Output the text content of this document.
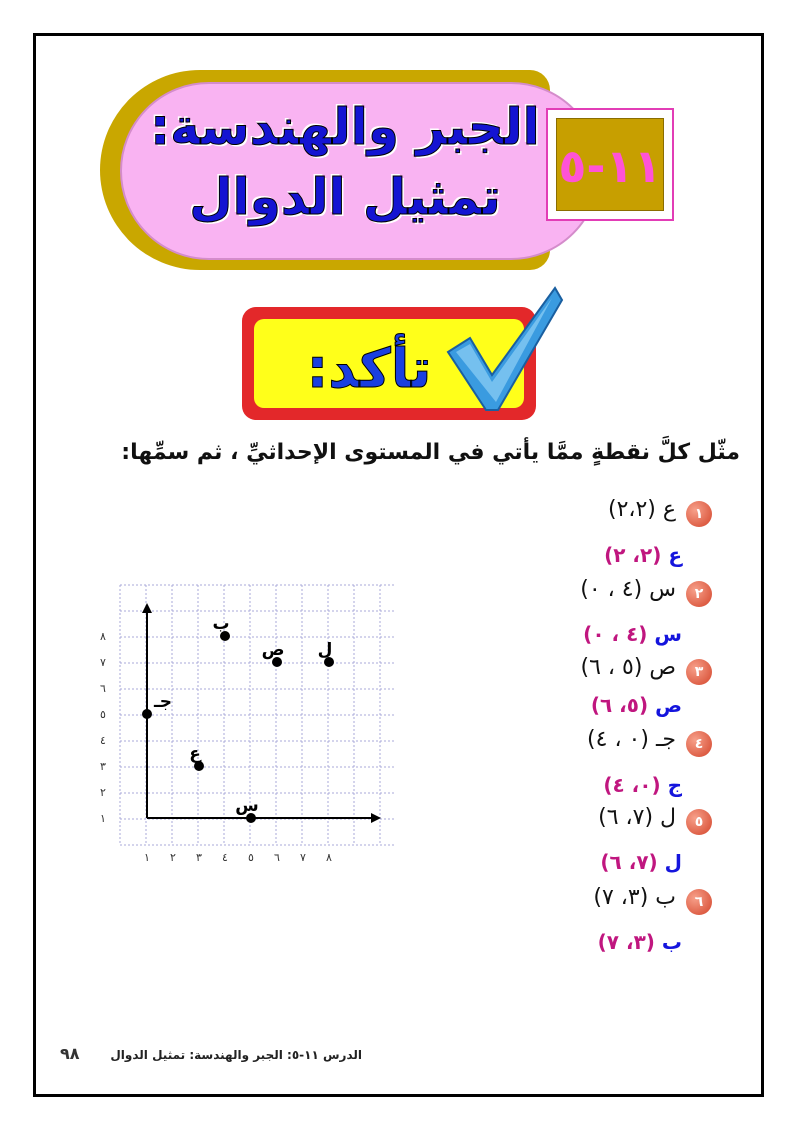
الجبر والهندسة:
تمثيل الدوال
١١-٥
تأكد:
مثّل كلَّ نقطةٍ ممَّا يأتي في المستوى الإحداثيِّ ، ثم سمِّها:
١
ع (٢،٢)
ع (٢، ٢)
٢
س (٤ ، ٠)
س (٤ ، ٠)
٣
ص (٥ ، ٦)
ص (٥، ٦)
٤
جـ (٠ ، ٤)
ج (٠، ٤)
٥
ل (٧، ٦)
ل (٧، ٦)
٦
ب (٣، ٧)
ب (٣، ٧)
١ ٢ ٣ ٤ ٥ ٦ ٧ ٨
١
٢
٣
٤
٥
٦
٧
٨
ب
ص ل
جـ
ع
س
الدرس ١١-٥: الجبر والهندسة: تمثيل الدوال
٩٨
